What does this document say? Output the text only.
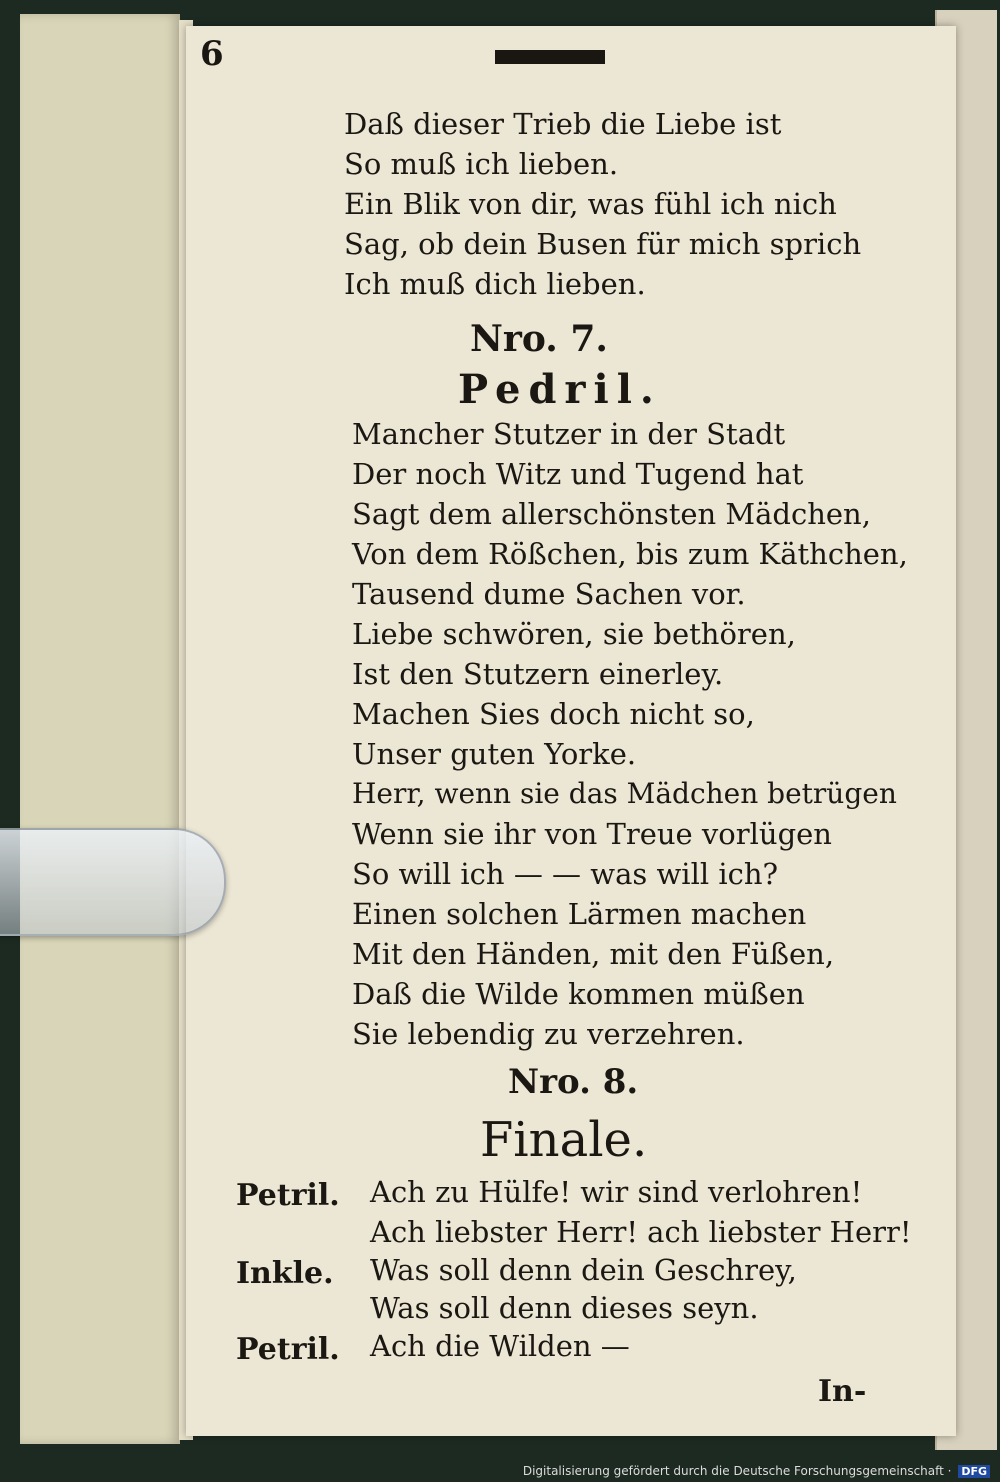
6
Daß dieser Trieb die Liebe ist
So muß ich lieben.
Ein Blik von dir, was fühl ich nich
Sag, ob dein Busen für mich sprich
Ich muß dich lieben.
Nro. 7.
Pedril.
Mancher Stutzer in der Stadt
Der noch Witz und Tugend hat
Sagt dem allerschönsten Mädchen,
Von dem Rößchen, bis zum Käthchen,
Tausend dume Sachen vor.
Liebe schwören, sie bethören,
Ist den Stutzern einerley.
Machen Sies doch nicht so,
Unser guten Yorke.
Herr, wenn sie das Mädchen betrügen
Wenn sie ihr von Treue vorlügen
So will ich — — was will ich?
Einen solchen Lärmen machen
Mit den Händen, mit den Füßen,
Daß die Wilde kommen müßen
Sie lebendig zu verzehren.
Nro. 8.
Finale.
Petril. Ach zu Hülfe! wir sind verlohren!
Ach liebster Herr! ach liebster Herr!
Inkle. Was soll denn dein Geschrey,
Was soll denn dieses seyn.
Petril. Ach die Wilden —
In-
Digitalisierung gefördert durch die Deutsche Forschungsgemeinschaft · DFG
